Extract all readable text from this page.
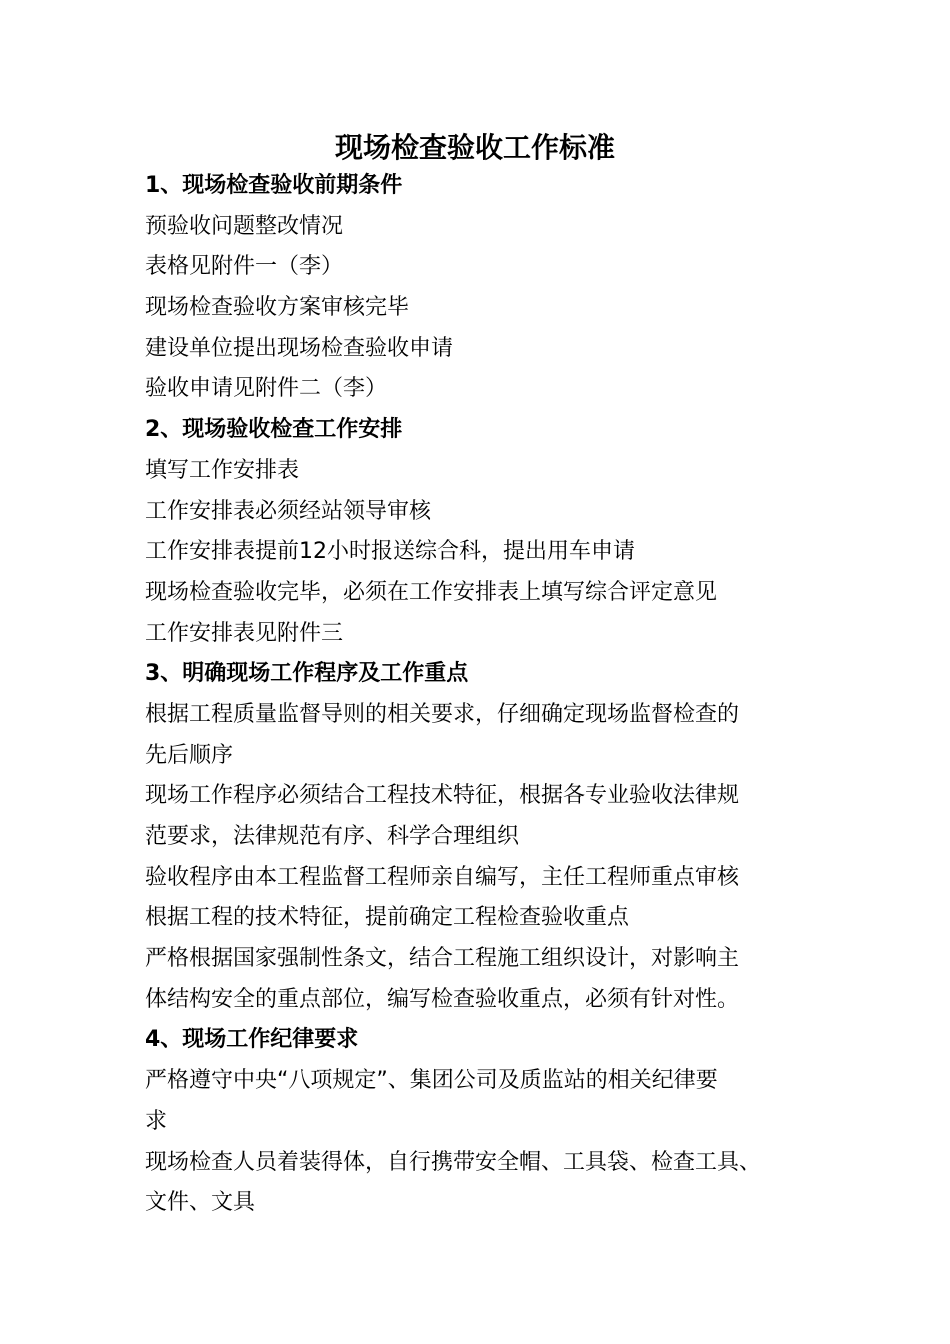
现场检查验收工作标准
1、现场检查验收前期条件
预验收问题整改情况
表格见附件一（李）
现场检查验收方案审核完毕
建设单位提出现场检查验收申请
验收申请见附件二（李）
2、现场验收检查工作安排
填写工作安排表
工作安排表必须经站领导审核
工作安排表提前12小时报送综合科，提出用车申请
现场检查验收完毕，必须在工作安排表上填写综合评定意见
工作安排表见附件三
3、明确现场工作程序及工作重点
根据工程质量监督导则的相关要求，仔细确定现场监督检查的
先后顺序
现场工作程序必须结合工程技术特征，根据各专业验收法律规
范要求，法律规范有序、科学合理组织
验收程序由本工程监督工程师亲自编写，主任工程师重点审核
根据工程的技术特征，提前确定工程检查验收重点
严格根据国家强制性条文，结合工程施工组织设计，对影响主
体结构安全的重点部位，编写检查验收重点，必须有针对性。
4、现场工作纪律要求
严格遵守中央“八项规定”、集团公司及质监站的相关纪律要
求
现场检查人员着装得体，自行携带安全帽、工具袋、检查工具、
文件、文具
